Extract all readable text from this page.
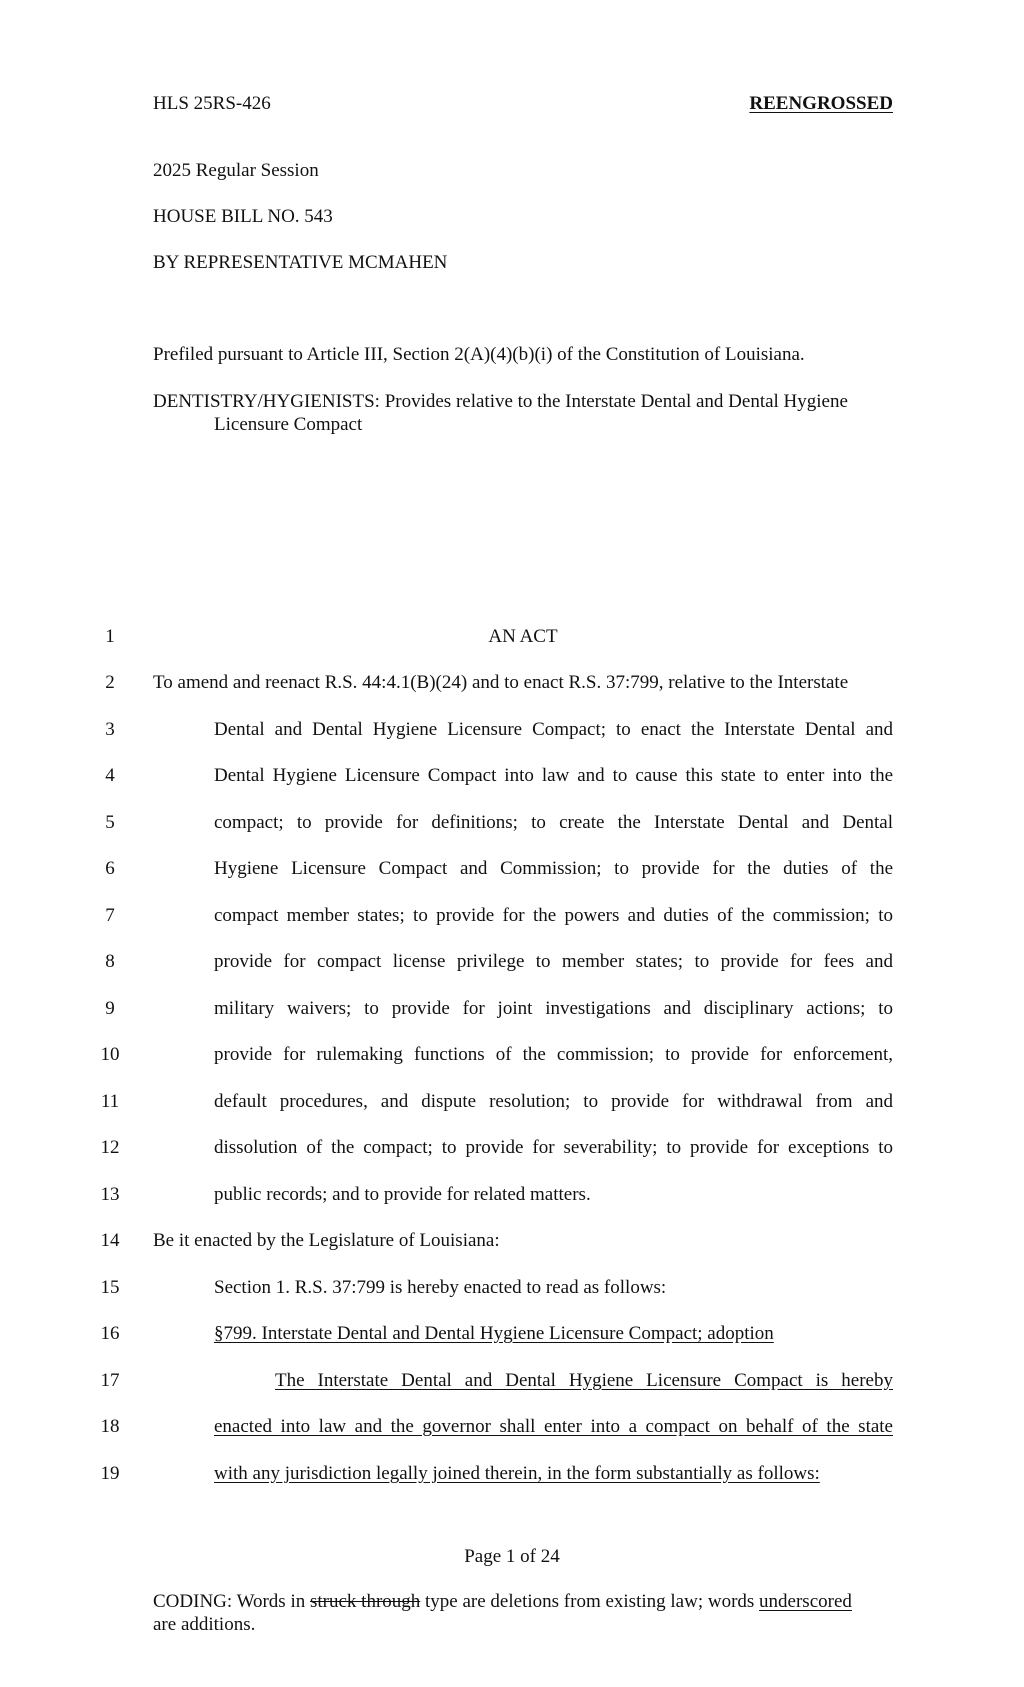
HLS 25RS-426	REENGROSSED
2025 Regular Session
HOUSE BILL NO. 543
BY REPRESENTATIVE MCMAHEN
Prefiled pursuant to Article III, Section 2(A)(4)(b)(i) of the Constitution of Louisiana.
DENTISTRY/HYGIENISTS: Provides relative to the Interstate Dental and Dental Hygiene
Licensure Compact
1	AN ACT
2	To amend and reenact R.S. 44:4.1(B)(24) and to enact R.S. 37:799, relative to the Interstate
3	Dental and Dental Hygiene Licensure Compact; to enact the Interstate Dental and
4	Dental Hygiene Licensure Compact into law and to cause this state to enter into the
5	compact; to provide for definitions; to create the Interstate Dental and Dental
6	Hygiene Licensure Compact and Commission; to provide for the duties of the
7	compact member states; to provide for the powers and duties of the commission; to
8	provide for compact license privilege to member states; to provide for fees and
9	military waivers; to provide for joint investigations and disciplinary actions; to
10	provide for rulemaking functions of the commission; to provide for enforcement,
11	default procedures, and dispute resolution; to provide for withdrawal from and
12	dissolution of the compact; to provide for severability; to provide for exceptions to
13	public records; and to provide for related matters.
14 Be it enacted by the Legislature of Louisiana:
15	Section 1. R.S. 37:799 is hereby enacted to read as follows:
16	§799. Interstate Dental and Dental Hygiene Licensure Compact; adoption
17	The Interstate Dental and Dental Hygiene Licensure Compact is hereby
18	enacted into law and the governor shall enter into a compact on behalf of the state
19	with any jurisdiction legally joined therein, in the form substantially as follows:
Page 1 of 24
CODING: Words in struck through type are deletions from existing law; words underscored
are additions.
